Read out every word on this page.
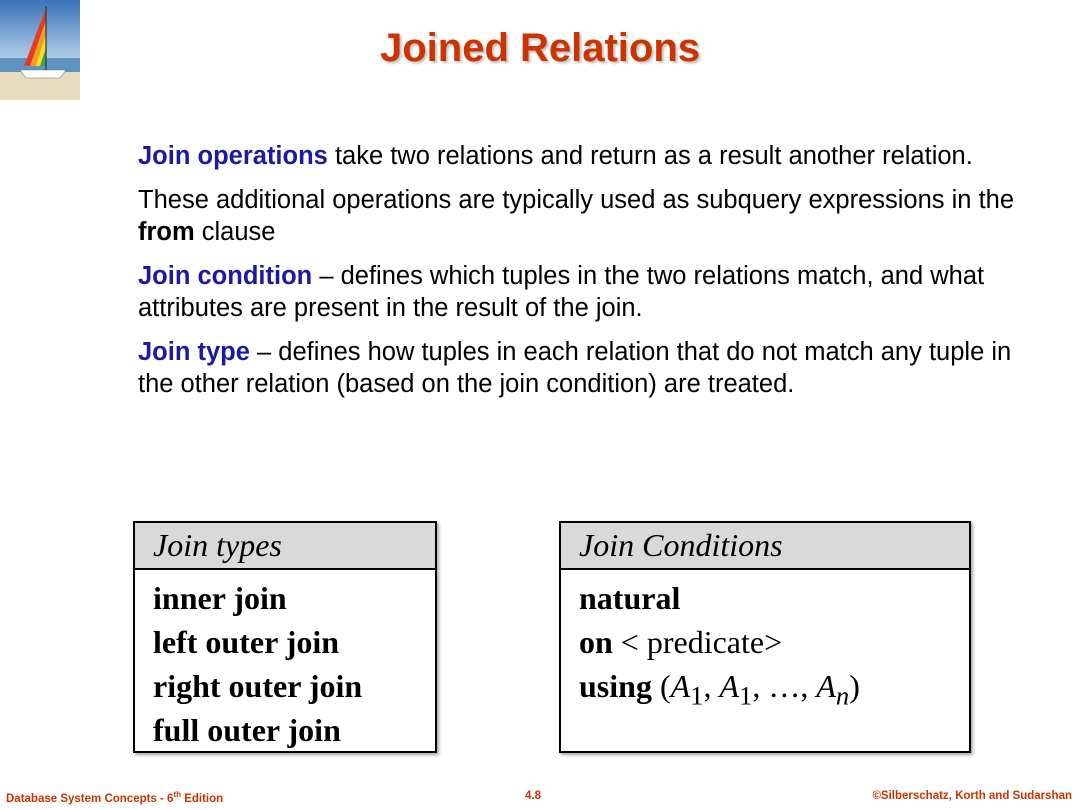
Joined Relations

Join operations take two relations and return as a result another relation.

These additional operations are typically used as subquery expressions in the from clause

Join condition – defines which tuples in the two relations match, and what attributes are present in the result of the join.

Join type – defines how tuples in each relation that do not match any tuple in the other relation (based on the join condition) are treated.

Join types
inner join
left outer join
right outer join
full outer join
Join Conditions
natural
on < predicate>
using ($A_1$, $A_1$, …, $A_n$)
Database System Concepts - 6th Edition	4.8	©Silberschatz, Korth and Sudarshan
